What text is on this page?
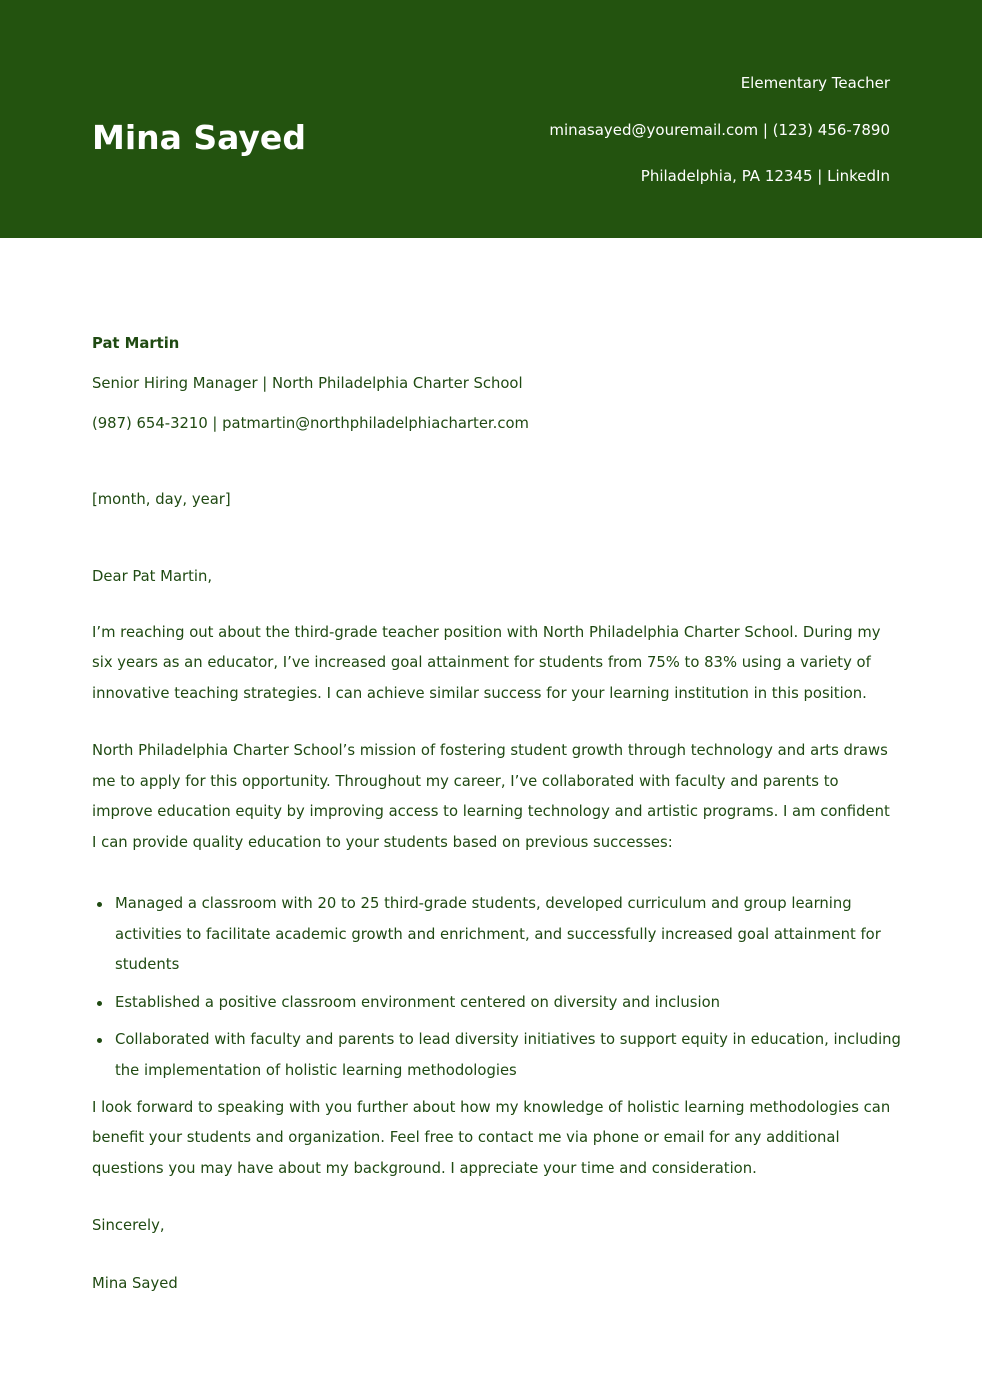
Mina Sayed
Elementary Teacher
minasayed@youremail.com | (123) 456-7890
Philadelphia, PA 12345 | LinkedIn
Pat Martin
Senior Hiring Manager | North Philadelphia Charter School
(987) 654-3210 | patmartin@northphiladelphiacharter.com
[month, day, year]
Dear Pat Martin,

I’m reaching out about the third-grade teacher position with North Philadelphia Charter School. During my six years as an educator, I’ve increased goal attainment for students from 75% to 83% using a variety of innovative teaching strategies. I can achieve similar success for your learning institution in this position.

North Philadelphia Charter School’s mission of fostering student growth through technology and arts draws me to apply for this opportunity. Throughout my career, I’ve collaborated with faculty and parents to improve education equity by improving access to learning technology and artistic programs. I am confident I can provide quality education to your students based on previous successes:

Managed a classroom with 20 to 25 third-grade students, developed curriculum and group learning activities to facilitate academic growth and enrichment, and successfully increased goal attainment for students
Established a positive classroom environment centered on diversity and inclusion
Collaborated with faculty and parents to lead diversity initiatives to support equity in education, including the implementation of holistic learning methodologies

I look forward to speaking with you further about how my knowledge of holistic learning methodologies can benefit your students and organization. Feel free to contact me via phone or email for any additional questions you may have about my background. I appreciate your time and consideration.

Sincerely,
Mina Sayed
